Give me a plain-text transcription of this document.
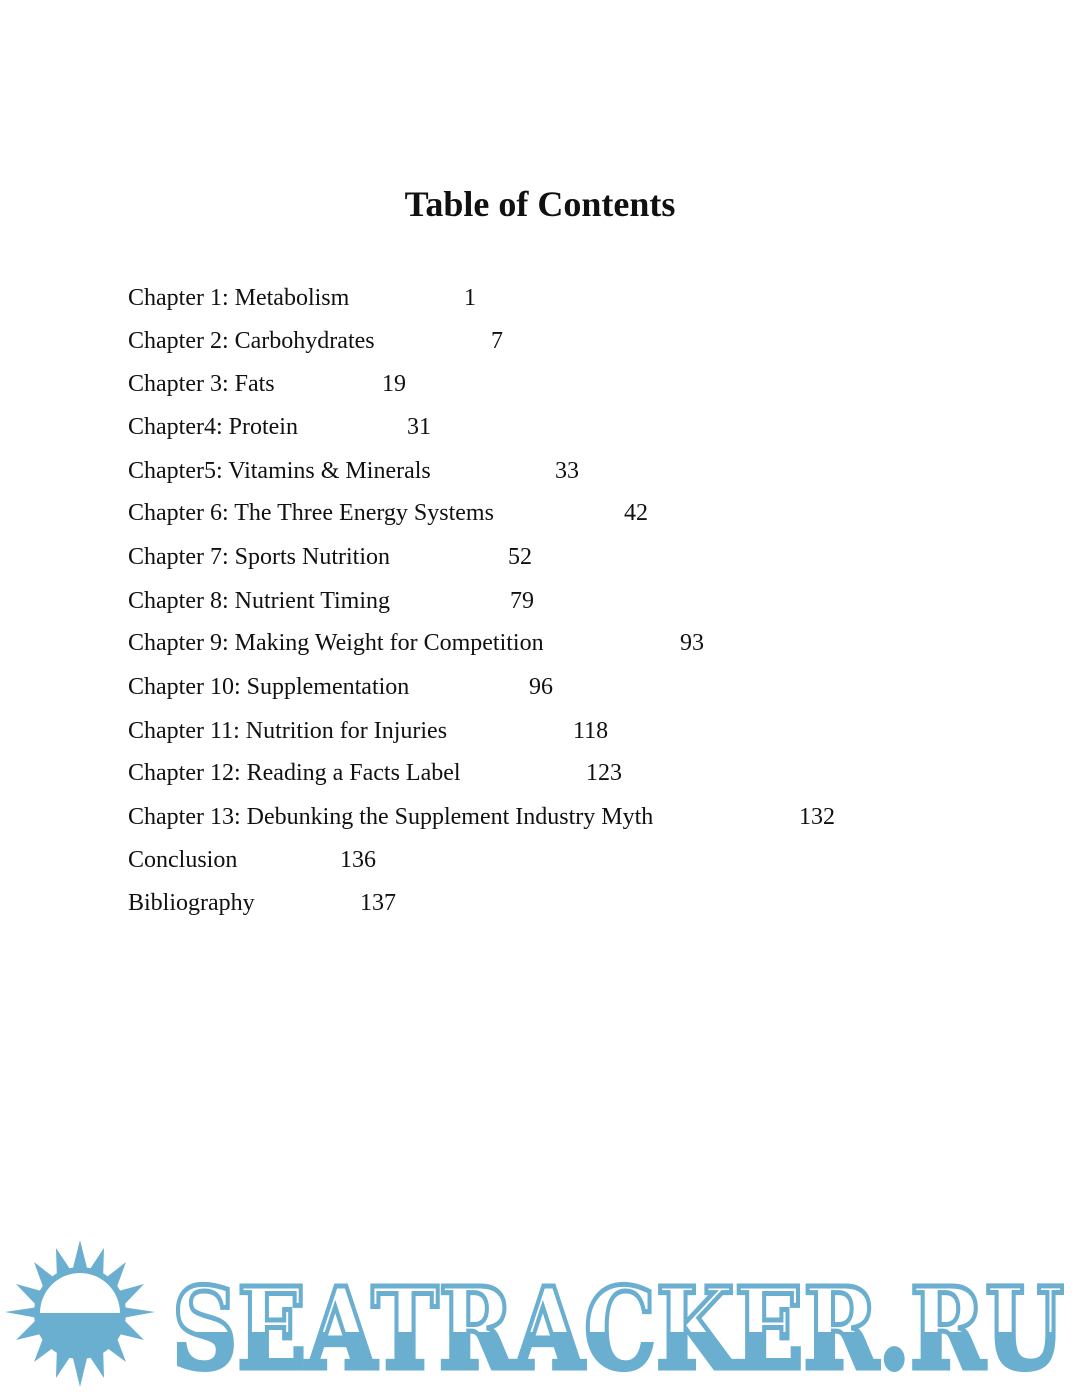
Table of Contents
Chapter 1: Metabolism	1
Chapter 2: Carbohydrates	7
Chapter 3: Fats	19
Chapter4: Protein	31
Chapter5: Vitamins & Minerals	33
Chapter 6: The Three Energy Systems	42
Chapter 7: Sports Nutrition	52
Chapter 8: Nutrient Timing	79
Chapter 9: Making Weight for Competition	93
Chapter 10: Supplementation	96
Chapter 11: Nutrition for Injuries	118
Chapter 12: Reading a Facts Label	123
Chapter 13: Debunking the Supplement Industry Myth	132
Conclusion	136
Bibliography	137
SEATRACKER.RU
